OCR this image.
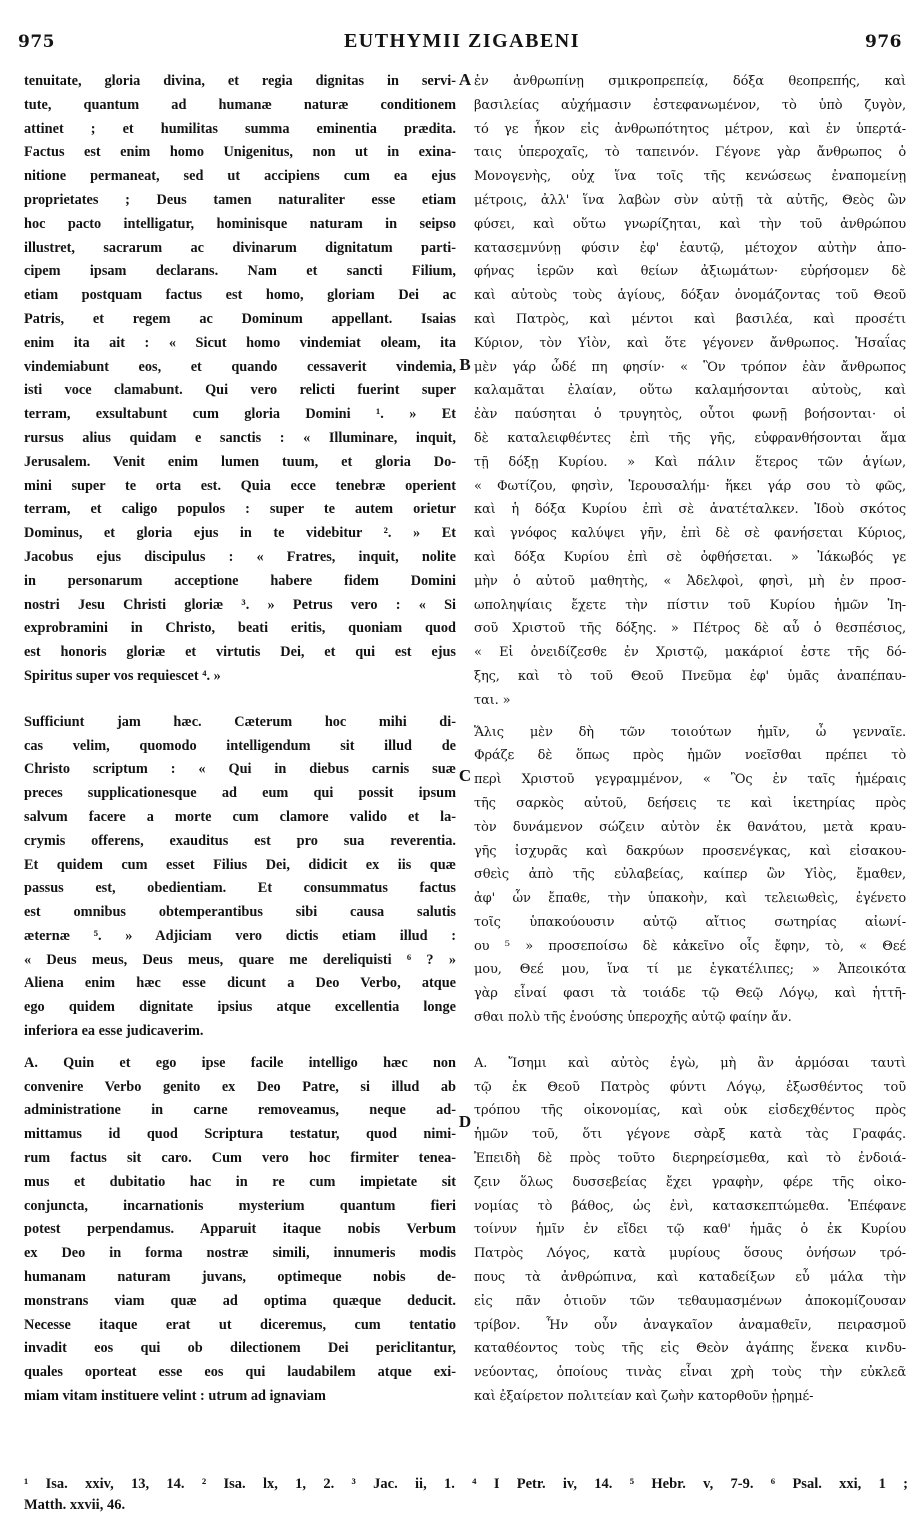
975	EUTHYMII ZIGABENI	976
tenuitate, gloria divina, et regia dignitas in servi-
tute, quantum ad humanæ naturæ conditionem
attinet ; et humilitas summa eminentia prædita.
Factus est enim homo Unigenitus, non ut in exina-
nitione permaneat, sed ut accipiens cum ea ejus
proprietates ; Deus tamen naturaliter esse etiam
hoc pacto intelligatur, hominisque naturam in seipso
illustret, sacrarum ac divinarum dignitatum parti-
cipem ipsam declarans. Nam et sancti Filium,
etiam postquam factus est homo, gloriam Dei ac
Patris, et regem ac Dominum appellant. Isaias
enim ita ait : « Sicut homo vindemiat oleam, ita
vindemiabunt eos, et quando cessaverit vindemia,
isti voce clamabunt. Qui vero relicti fuerint super
terram, exsultabunt cum gloria Domini ¹. » Et
rursus alius quidam e sanctis : « Illuminare, inquit,
Jerusalem. Venit enim lumen tuum, et gloria Do-
mini super te orta est. Quia ecce tenebræ operient
terram, et caligo populos : super te autem orietur
Dominus, et gloria ejus in te videbitur ². » Et
Jacobus ejus discipulus : « Fratres, inquit, nolite
in personarum acceptione habere fidem Domini
nostri Jesu Christi gloriæ ³. » Petrus vero : « Si
exprobramini in Christo, beati eritis, quoniam quod
est honoris gloriæ et virtutis Dei, et qui est ejus
Spiritus super vos requiescet ⁴. »
Sufficiunt jam hæc. Cæterum hoc mihi di-
cas velim, quomodo intelligendum sit illud de
Christo scriptum : « Qui in diebus carnis suæ
preces supplicationesque ad eum qui possit ipsum
salvum facere a morte cum clamore valido et la-
crymis offerens, exauditus est pro sua reverentia.
Et quidem cum esset Filius Dei, didicit ex iis quæ
passus est, obedientiam. Et consummatus factus
est omnibus obtemperantibus sibi causa salutis
æternæ ⁵. » Adjiciam vero dictis etiam illud :
« Deus meus, Deus meus, quare me dereliquisti ⁶ ? »
Aliena enim hæc esse dicunt a Deo Verbo, atque
ego quidem dignitate ipsius atque excellentia longe
inferiora ea esse judicaverim.
A. Quin et ego ipse facile intelligo hæc non
convenire Verbo genito ex Deo Patre, si illud ab
administratione in carne removeamus, neque ad-
mittamus id quod Scriptura testatur, quod nimi-
rum factus sit caro. Cum vero hoc firmiter tenea-
mus et dubitatio hac in re cum impietate sit
conjuncta, incarnationis mysterium quantum fieri
potest perpendamus. Apparuit itaque nobis Verbum
ex Deo in forma nostræ simili, innumeris modis
humanam naturam juvans, optimeque nobis de-
monstrans viam quæ ad optima quæque deducit.
Necesse itaque erat ut diceremus, cum tentatio
invadit eos qui ob dilectionem Dei periclitantur,
quales oporteat esse eos qui laudabilem atque exi-
miam vitam instituere velint : utrum ad ignaviam
ἐν ἀνθρωπίνῃ σμικροπρεπείᾳ, δόξα θεοπρεπής, καὶ
βασιλείας αὐχήμασιν ἐστεφανωμένον, τὸ ὑπὸ ζυγὸν,
τό γε ἧκον εἰς ἀνθρωπότητος μέτρον, καὶ ἐν ὑπερτά-
ταις ὑπεροχαῖς, τὸ ταπεινόν. Γέγονε γὰρ ἄνθρωπος ὁ
Μονογενὴς, οὐχ ἵνα τοῖς τῆς κενώσεως ἐναπομείνῃ
μέτροις, ἀλλ' ἵνα λαβὼν σὺν αὐτῇ τὰ αὐτῆς, Θεὸς ὢν
φύσει, καὶ οὕτω γνωρίζηται, καὶ τὴν τοῦ ἀνθρώπου
κατασεμνύνῃ φύσιν ἐφ' ἑαυτῷ, μέτοχον αὐτὴν ἀπο-
φήνας ἱερῶν καὶ θείων ἀξιωμάτων· εὑρήσομεν δὲ
καὶ αὐτοὺς τοὺς ἁγίους, δόξαν ὀνομάζοντας τοῦ Θεοῦ
καὶ Πατρὸς, καὶ μέντοι καὶ βασιλέα, καὶ προσέτι
Κύριον, τὸν Υἱὸν, καὶ ὅτε γέγονεν ἄνθρωπος. Ἡσαΐας
μὲν γάρ ὧδέ πη φησίν· « Ὃν τρόπον ἐὰν ἄνθρωπος
καλαμᾶται ἐλαίαν, οὕτω καλαμήσονται αὐτοὺς, καὶ
ἐὰν παύσηται ὁ τρυγητὸς, οὗτοι φωνῇ βοήσονται· οἱ
δὲ καταλειφθέντες ἐπὶ τῆς γῆς, εὐφρανθήσονται ἅμα
τῇ δόξῃ Κυρίου. » Καὶ πάλιν ἕτερος τῶν ἁγίων,
« Φωτίζου, φησὶν, Ἱερουσαλήμ· ἥκει γάρ σου τὸ φῶς,
καὶ ἡ δόξα Κυρίου ἐπὶ σὲ ἀνατέταλκεν. Ἰδοὺ σκότος
καὶ γνόφος καλύψει γῆν, ἐπὶ δὲ σὲ φανήσεται Κύριος,
καὶ δόξα Κυρίου ἐπὶ σὲ ὀφθήσεται. » Ἰάκωβός γε
μὴν ὁ αὐτοῦ μαθητὴς, « Ἀδελφοὶ, φησὶ, μὴ ἐν προσ-
ωποληψίαις ἔχετε τὴν πίστιν τοῦ Κυρίου ἡμῶν Ἰη-
σοῦ Χριστοῦ τῆς δόξης. » Πέτρος δὲ αὖ ὁ θεσπέσιος,
« Εἰ ὀνειδίζεσθε ἐν Χριστῷ, μακάριοί ἐστε τῆς δό-
ξης, καὶ τὸ τοῦ Θεοῦ Πνεῦμα ἐφ' ὑμᾶς ἀναπέπαυ-
ται. »
Ἅλις μὲν δὴ τῶν τοιούτων ἡμῖν, ὦ γενναῖε.
Φράζε δὲ ὅπως πρὸς ἡμῶν νοεῖσθαι πρέπει τὸ
περὶ Χριστοῦ γεγραμμένον, « Ὃς ἐν ταῖς ἡμέραις
τῆς σαρκὸς αὐτοῦ, δεήσεις τε καὶ ἱκετηρίας πρὸς
τὸν δυνάμενον σώζειν αὐτὸν ἐκ θανάτου, μετὰ κραυ-
γῆς ἰσχυρᾶς καὶ δακρύων προσενέγκας, καὶ εἰσακου-
σθεὶς ἀπὸ τῆς εὐλαβείας, καίπερ ὢν Υἱὸς, ἔμαθεν,
ἀφ' ὧν ἔπαθε, τὴν ὑπακοὴν, καὶ τελειωθεὶς, ἐγένετο
τοῖς ὑπακούουσιν αὐτῷ αἴτιος σωτηρίας αἰωνί-
ου ⁵ » προσεποίσω δὲ κἀκεῖνο οἷς ἔφην, τὸ, « Θεέ
μου, Θεέ μου, ἵνα τί με ἐγκατέλιπες; » Ἀπεοικότα
γὰρ εἶναί φασι τὰ τοιάδε τῷ Θεῷ Λόγῳ, καὶ ἡττῆ-
σθαι πολὺ τῆς ἑνούσης ὑπεροχῆς αὐτῷ φαίην ἄν.
Α. Ἴσημι καὶ αὐτὸς ἐγὼ, μὴ ἂν ἁρμόσαι ταυτὶ
τῷ ἐκ Θεοῦ Πατρὸς φύντι Λόγῳ, ἐξωσθέντος τοῦ
τρόπου τῆς οἰκονομίας, καὶ οὐκ εἰσδεχθέντος πρὸς
ἡμῶν τοῦ, ὅτι γέγονε σὰρξ κατὰ τὰς Γραφάς.
Ἐπειδὴ δὲ πρὸς τοῦτο διερηρείσμεθα, καὶ τὸ ἐνδοιά-
ζειν ὅλως δυσσεβείας ἔχει γραφὴν, φέρε τῆς οἰκο-
νομίας τὸ βάθος, ὡς ἐνὶ, κατασκεπτώμεθα. Ἐπέφανε
τοίνυν ἡμῖν ἐν εἴδει τῷ καθ' ἡμᾶς ὁ ἐκ Κυρίου
Πατρὸς Λόγος, κατὰ μυρίους ὅσους ὀνήσων τρό-
πους τὰ ἀνθρώπινα, καὶ καταδείξων εὖ μάλα τὴν
εἰς πᾶν ὁτιοῦν τῶν τεθαυμασμένων ἀποκομίζουσαν
τρίβον. Ἦν οὖν ἀναγκαῖον ἀναμαθεῖν, πειρασμοῦ
καταθέοντος τοὺς τῆς εἰς Θεὸν ἀγάπης ἕνεκα κινδυ-
νεύοντας, ὁποίους τινὰς εἶναι χρὴ τοὺς τὴν εὐκλεᾶ
καὶ ἐξαίρετον πολιτείαν καὶ ζωὴν κατορθοῦν ᾑρημέ-
A
B
C
D
¹ Isa. xxiv, 13, 14. ² Isa. lx, 1, 2. ³ Jac. ii, 1. ⁴ I Petr. iv, 14. ⁵ Hebr. v, 7-9. ⁶ Psal. xxi, 1 ;
Matth. xxvii, 46.
